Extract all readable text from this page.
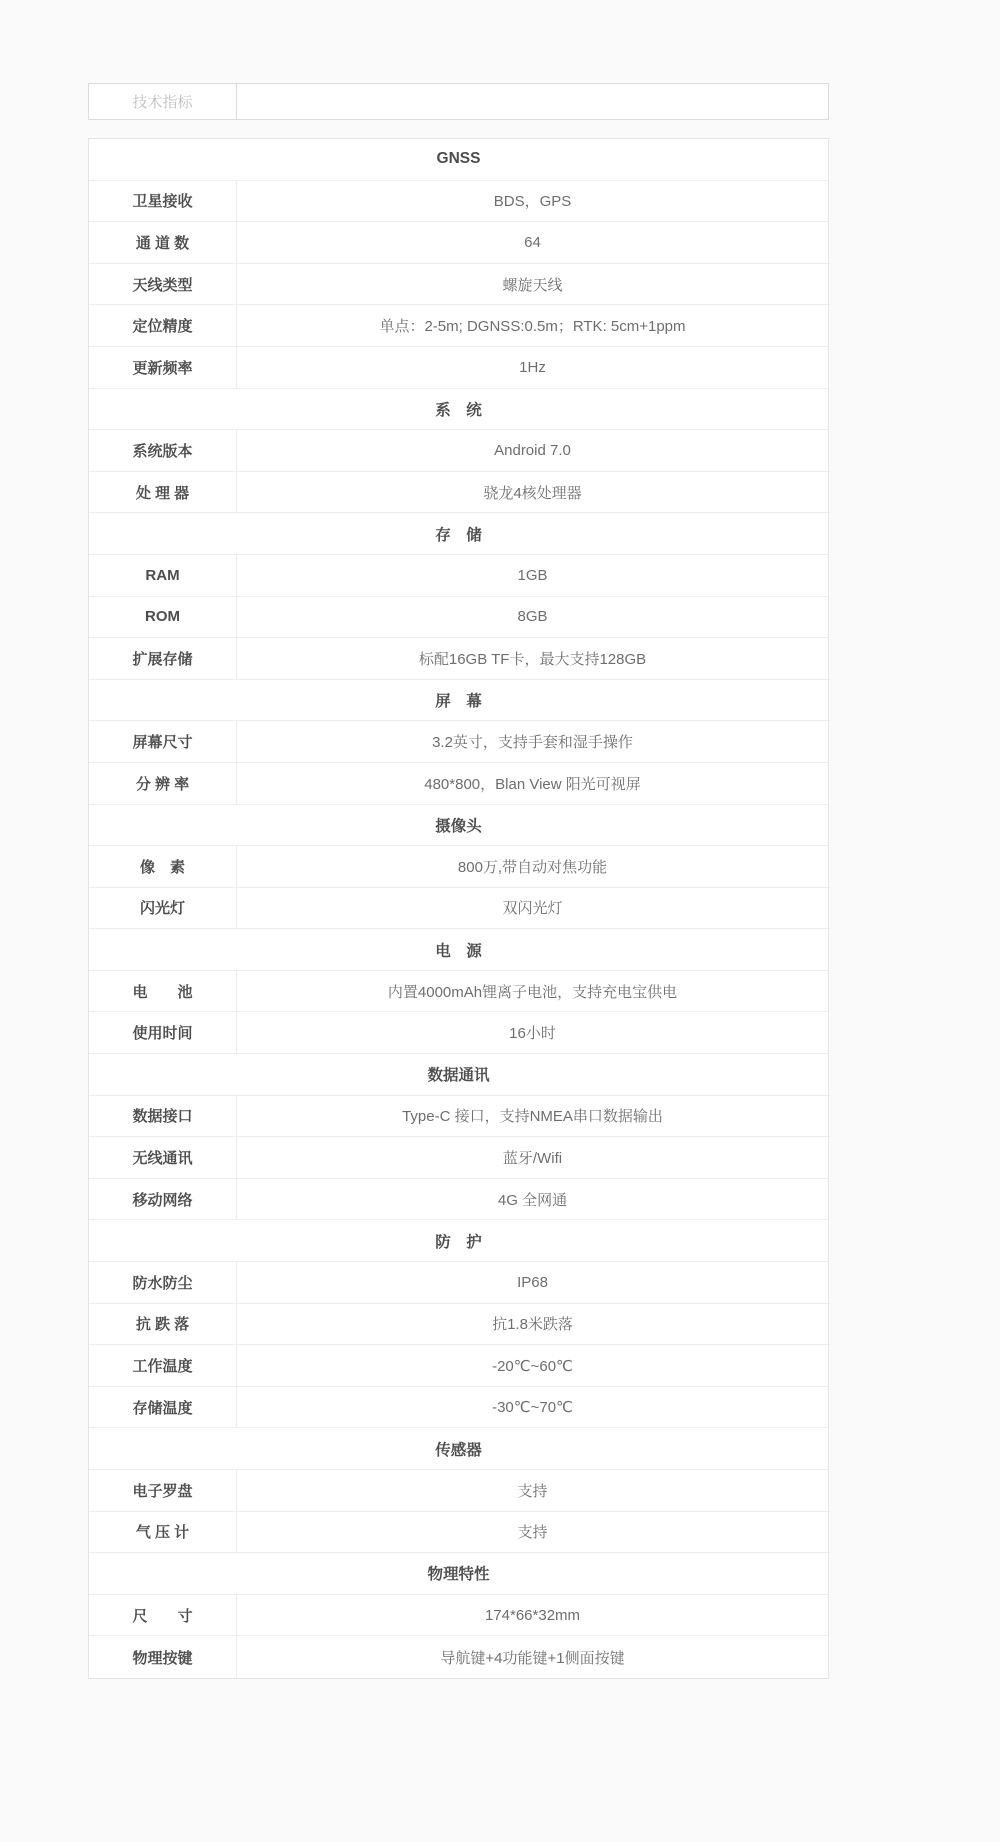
技术指标
GNSS
卫星接收	BDS，GPS
通 道 数	64
天线类型	螺旋天线
定位精度	单点：2-5m; DGNSS:0.5m；RTK: 5cm+1ppm
更新频率	1Hz
系　统
系统版本	Android 7.0
处 理 器	骁龙4核处理器
存　储
RAM	1GB
ROM	8GB
扩展存储	标配16GB TF卡，最大支持128GB
屏　幕
屏幕尺寸	3.2英寸，支持手套和湿手操作
分 辨 率	480*800，Blan View 阳光可视屏
摄像头
像　素	800万,带自动对焦功能
闪光灯	双闪光灯
电　源
电　　池	内置4000mAh锂离子电池，支持充电宝供电
使用时间	16小时
数据通讯
数据接口	Type-C 接口，支持NMEA串口数据输出
无线通讯	蓝牙/Wifi
移动网络	4G 全网通
防　护
防水防尘	IP68
抗 跌 落	抗1.8米跌落
工作温度	-20℃~60℃
存储温度	-30℃~70℃
传感器
电子罗盘	支持
气 压 计	支持
物理特性
尺　　寸	174*66*32mm
物理按键	导航键+4功能键+1侧面按键
